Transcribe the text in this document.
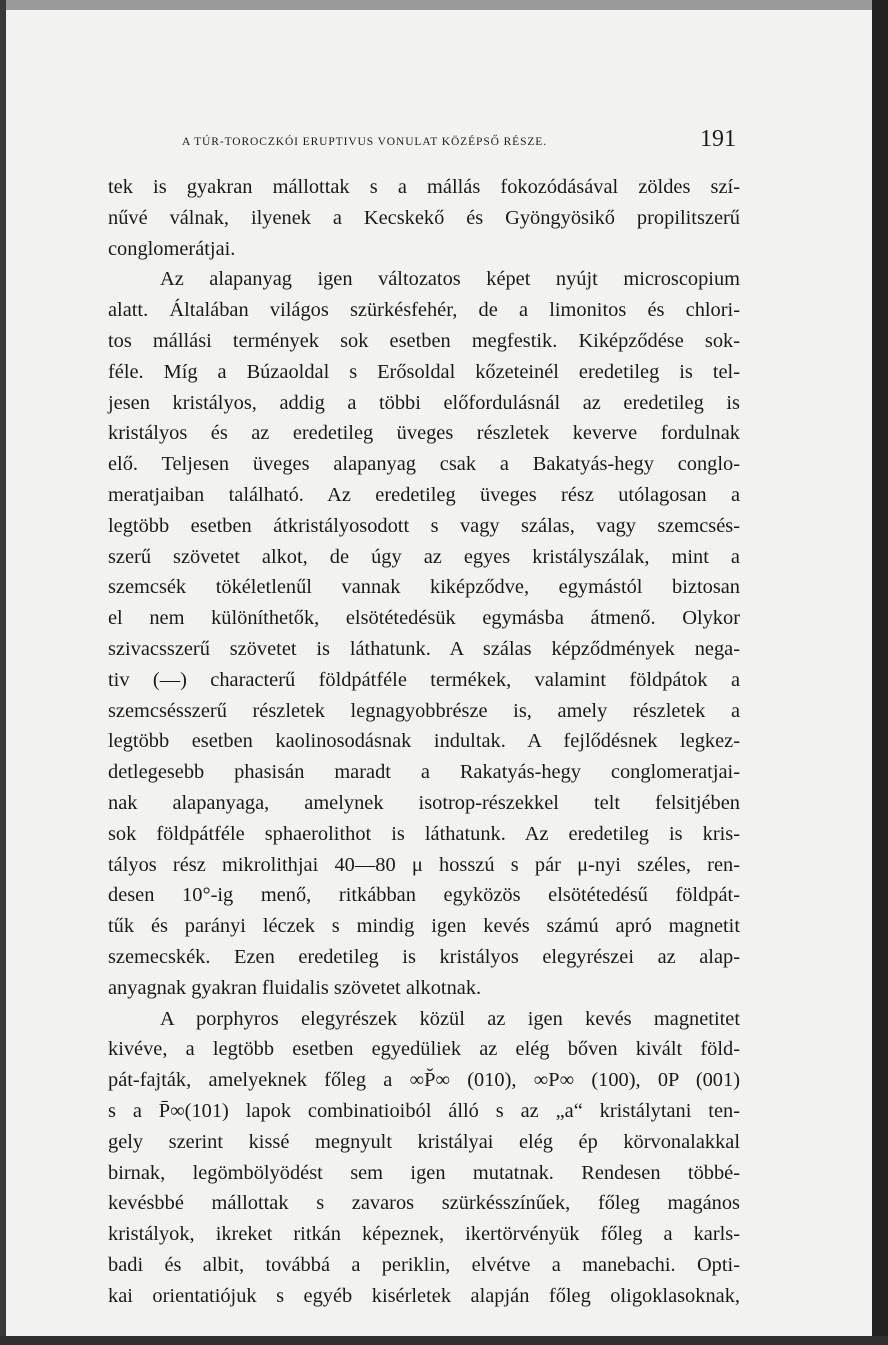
A TÚR-TOROCZKÓI ERUPTIVUS VONULAT KÖZÉPSŐ RÉSZE.	191
tek is gyakran mállottak s a mállás fokozódásával zöldes szí-
nűvé válnak, ilyenek a Kecskekő és Gyöngyösikő propilitszerű
conglomerátjai.
Az alapanyag igen változatos képet nyújt microscopium
alatt. Általában világos szürkésfehér, de a limonitos és chlori-
tos mállási termények sok esetben megfestik. Kiképződése sok-
féle. Míg a Búzaoldal s Erősoldal kőzeteinél eredetileg is tel-
jesen kristályos, addig a többi előfordulásnál az eredetileg is
kristályos és az eredetileg üveges részletek keverve fordulnak
elő. Teljesen üveges alapanyag csak a Bakatyás-hegy conglo-
meratjaiban található. Az eredetileg üveges rész utólagosan a
legtöbb esetben átkristályosodott s vagy szálas, vagy szemcsés-
szerű szövetet alkot, de úgy az egyes kristályszálak, mint a
szemcsék tökéletlenűl vannak kiképződve, egymástól biztosan
el nem különíthetők, elsötétedésük egymásba átmenő. Olykor
szivacsszerű szövetet is láthatunk. A szálas képződmények nega-
tiv (—) characterű földpátféle termékek, valamint földpátok a
szemcsésszerű részletek legnagyobbrésze is, amely részletek a
legtöbb esetben kaolinosodásnak indultak. A fejlődésnek legkez-
detlegesebb phasisán maradt a Rakatyás-hegy conglomeratjai-
nak alapanyaga, amelynek isotrop-részekkel telt felsitjében
sok földpátféle sphaerolithot is láthatunk. Az eredetileg is kris-
tályos rész mikrolithjai 40—80 μ hosszú s pár μ-nyi széles, ren-
desen 10°-ig menő, ritkábban egyközös elsötétedésű földpát-
tűk és parányi léczek s mindig igen kevés számú apró magnetit
szemecskék. Ezen eredetileg is kristályos elegyrészei az alap-
anyagnak gyakran fluidalis szövetet alkotnak.
A porphyros elegyrészek közül az igen kevés magnetitet
kivéve, a legtöbb esetben egyedüliek az elég bőven kivált föld-
pát-fajták, amelyeknek főleg a ∞P̆∞ (010), ∞P∞ (100), 0P (001)
s a P̄∞(101) lapok combinatioiból álló s az „a“ kristálytani ten-
gely szerint kissé megnyult kristályai elég ép körvonalakkal
birnak, legömbölyödést sem igen mutatnak. Rendesen többé-
kevésbbé mállottak s zavaros szürkésszínűek, főleg magános
kristályok, ikreket ritkán képeznek, ikertörvényük főleg a karls-
badi és albit, továbbá a periklin, elvétve a manebachi. Opti-
kai orientatiójuk s egyéb kisérletek alapján főleg oligoklasoknak,
